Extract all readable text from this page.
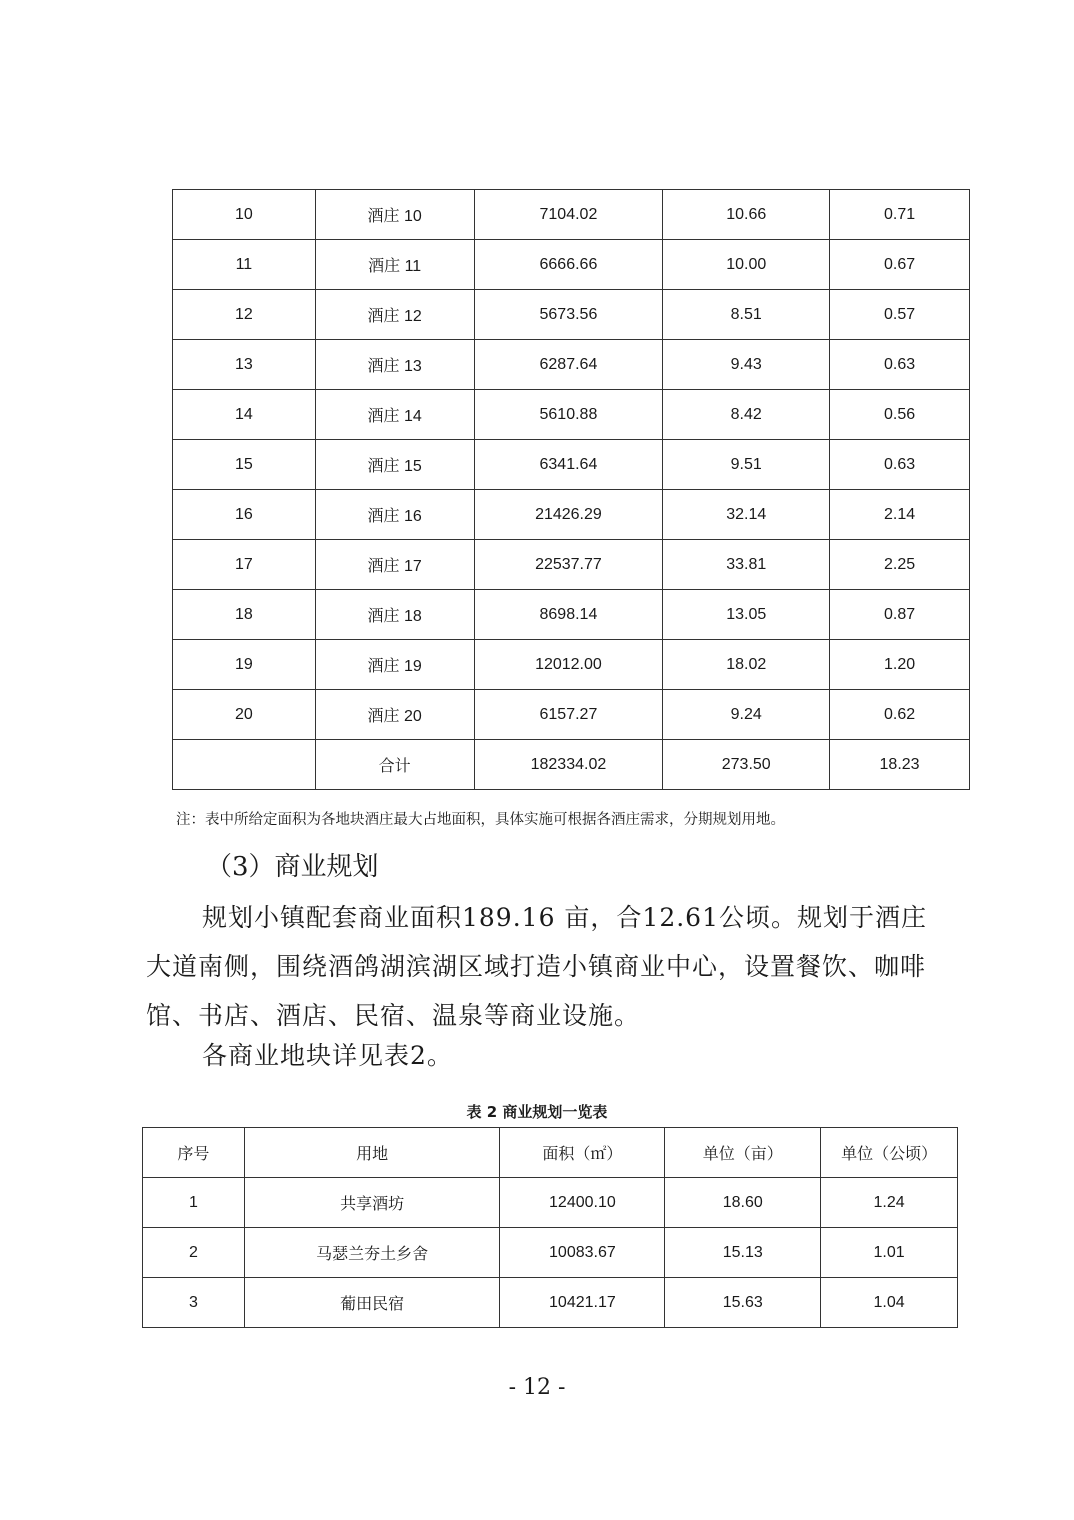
10	酒庄 10	7104.02	10.66	0.71
11	酒庄 11	6666.66	10.00	0.67
12	酒庄 12	5673.56	8.51	0.57
13	酒庄 13	6287.64	9.43	0.63
14	酒庄 14	5610.88	8.42	0.56
15	酒庄 15	6341.64	9.51	0.63
16	酒庄 16	21426.29	32.14	2.14
17	酒庄 17	22537.77	33.81	2.25
18	酒庄 18	8698.14	13.05	0.87
19	酒庄 19	12012.00	18.02	1.20
20	酒庄 20	6157.27	9.24	0.62
	合计	182334.02	273.50	18.23
注：表中所给定面积为各地块酒庄最大占地面积，具体实施可根据各酒庄需求，分期规划用地。
（3）商业规划

规划小镇配套商业面积189.16 亩，合12.61公顷。规划于酒庄大道南侧，围绕酒鸽湖滨湖区域打造小镇商业中心，设置餐饮、咖啡馆、书店、酒店、民宿、温泉等商业设施。

各商业地块详见表2。
表 2 商业规划一览表
序号	用地	面积（㎡）	单位（亩）	单位（公顷）
1	共享酒坊	12400.10	18.60	1.24
2	马瑟兰夯土乡舍	10083.67	15.13	1.01
3	葡田民宿	10421.17	15.63	1.04
- 12 -
